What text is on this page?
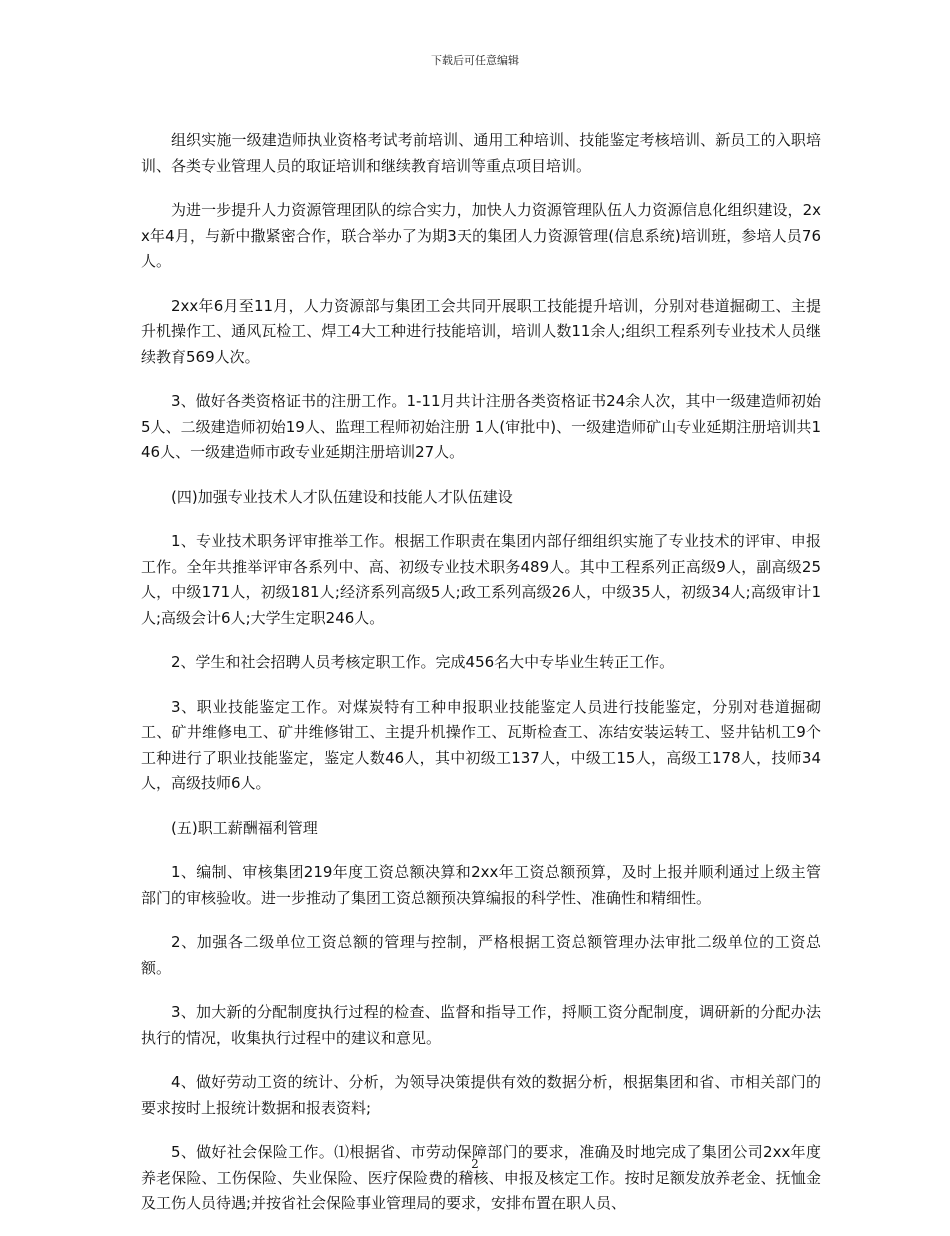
下载后可任意编辑

组织实施一级建造师执业资格考试考前培训、通用工种培训、技能鉴定考核培训、新员工的入职培训、各类专业管理人员的取证培训和继续教育培训等重点项目培训。

为进一步提升人力资源管理团队的综合实力，加快人力资源管理队伍人力资源信息化组织建设，2xx年4月，与新中撒紧密合作，联合举办了为期3天的集团人力资源管理(信息系统)培训班，参培人员76人。

2xx年6月至11月，人力资源部与集团工会共同开展职工技能提升培训，分别对巷道掘砌工、主提升机操作工、通风瓦检工、焊工4大工种进行技能培训，培训人数11余人;组织工程系列专业技术人员继续教育569人次。

3、做好各类资格证书的注册工作。1-11月共计注册各类资格证书24余人次，其中一级建造师初始5人、二级建造师初始19人、监理工程师初始注册 1人(审批中)、一级建造师矿山专业延期注册培训共146人、一级建造师市政专业延期注册培训27人。

(四)加强专业技术人才队伍建设和技能人才队伍建设

1、专业技术职务评审推举工作。根据工作职责在集团内部仔细组织实施了专业技术的评审、申报工作。全年共推举评审各系列中、高、初级专业技术职务489人。其中工程系列正高级9人，副高级25 人，中级171人，初级181人;经济系列高级5人;政工系列高级26人，中级35人，初级34人;高级审计1人;高级会计6人;大学生定职246人。

2、学生和社会招聘人员考核定职工作。完成456名大中专毕业生转正工作。

3、职业技能鉴定工作。对煤炭特有工种申报职业技能鉴定人员进行技能鉴定，分别对巷道掘砌工、矿井维修电工、矿井维修钳工、主提升机操作工、瓦斯检查工、冻结安装运转工、竖井钻机工9个工种进行了职业技能鉴定，鉴定人数46人，其中初级工137人，中级工15人，高级工178人，技师34人，高级技师6人。

(五)职工薪酬福利管理

1、编制、审核集团219年度工资总额决算和2xx年工资总额预算，及时上报并顺利通过上级主管部门的审核验收。进一步推动了集团工资总额预决算编报的科学性、准确性和精细性。

2、加强各二级单位工资总额的管理与控制，严格根据工资总额管理办法审批二级单位的工资总额。

3、加大新的分配制度执行过程的检查、监督和指导工作，捋顺工资分配制度，调研新的分配办法执行的情况，收集执行过程中的建议和意见。

4、做好劳动工资的统计、分析，为领导决策提供有效的数据分析，根据集团和省、市相关部门的要求按时上报统计数据和报表资料;

5、做好社会保险工作。⑴根据省、市劳动保障部门的要求，准确及时地完成了集团公司2xx年度养老保险、工伤保险、失业保险、医疗保险费的稽核、申报及核定工作。按时足额发放养老金、抚恤金及工伤人员待遇;并按省社会保险事业管理局的要求，安排布置在职人员、

2
